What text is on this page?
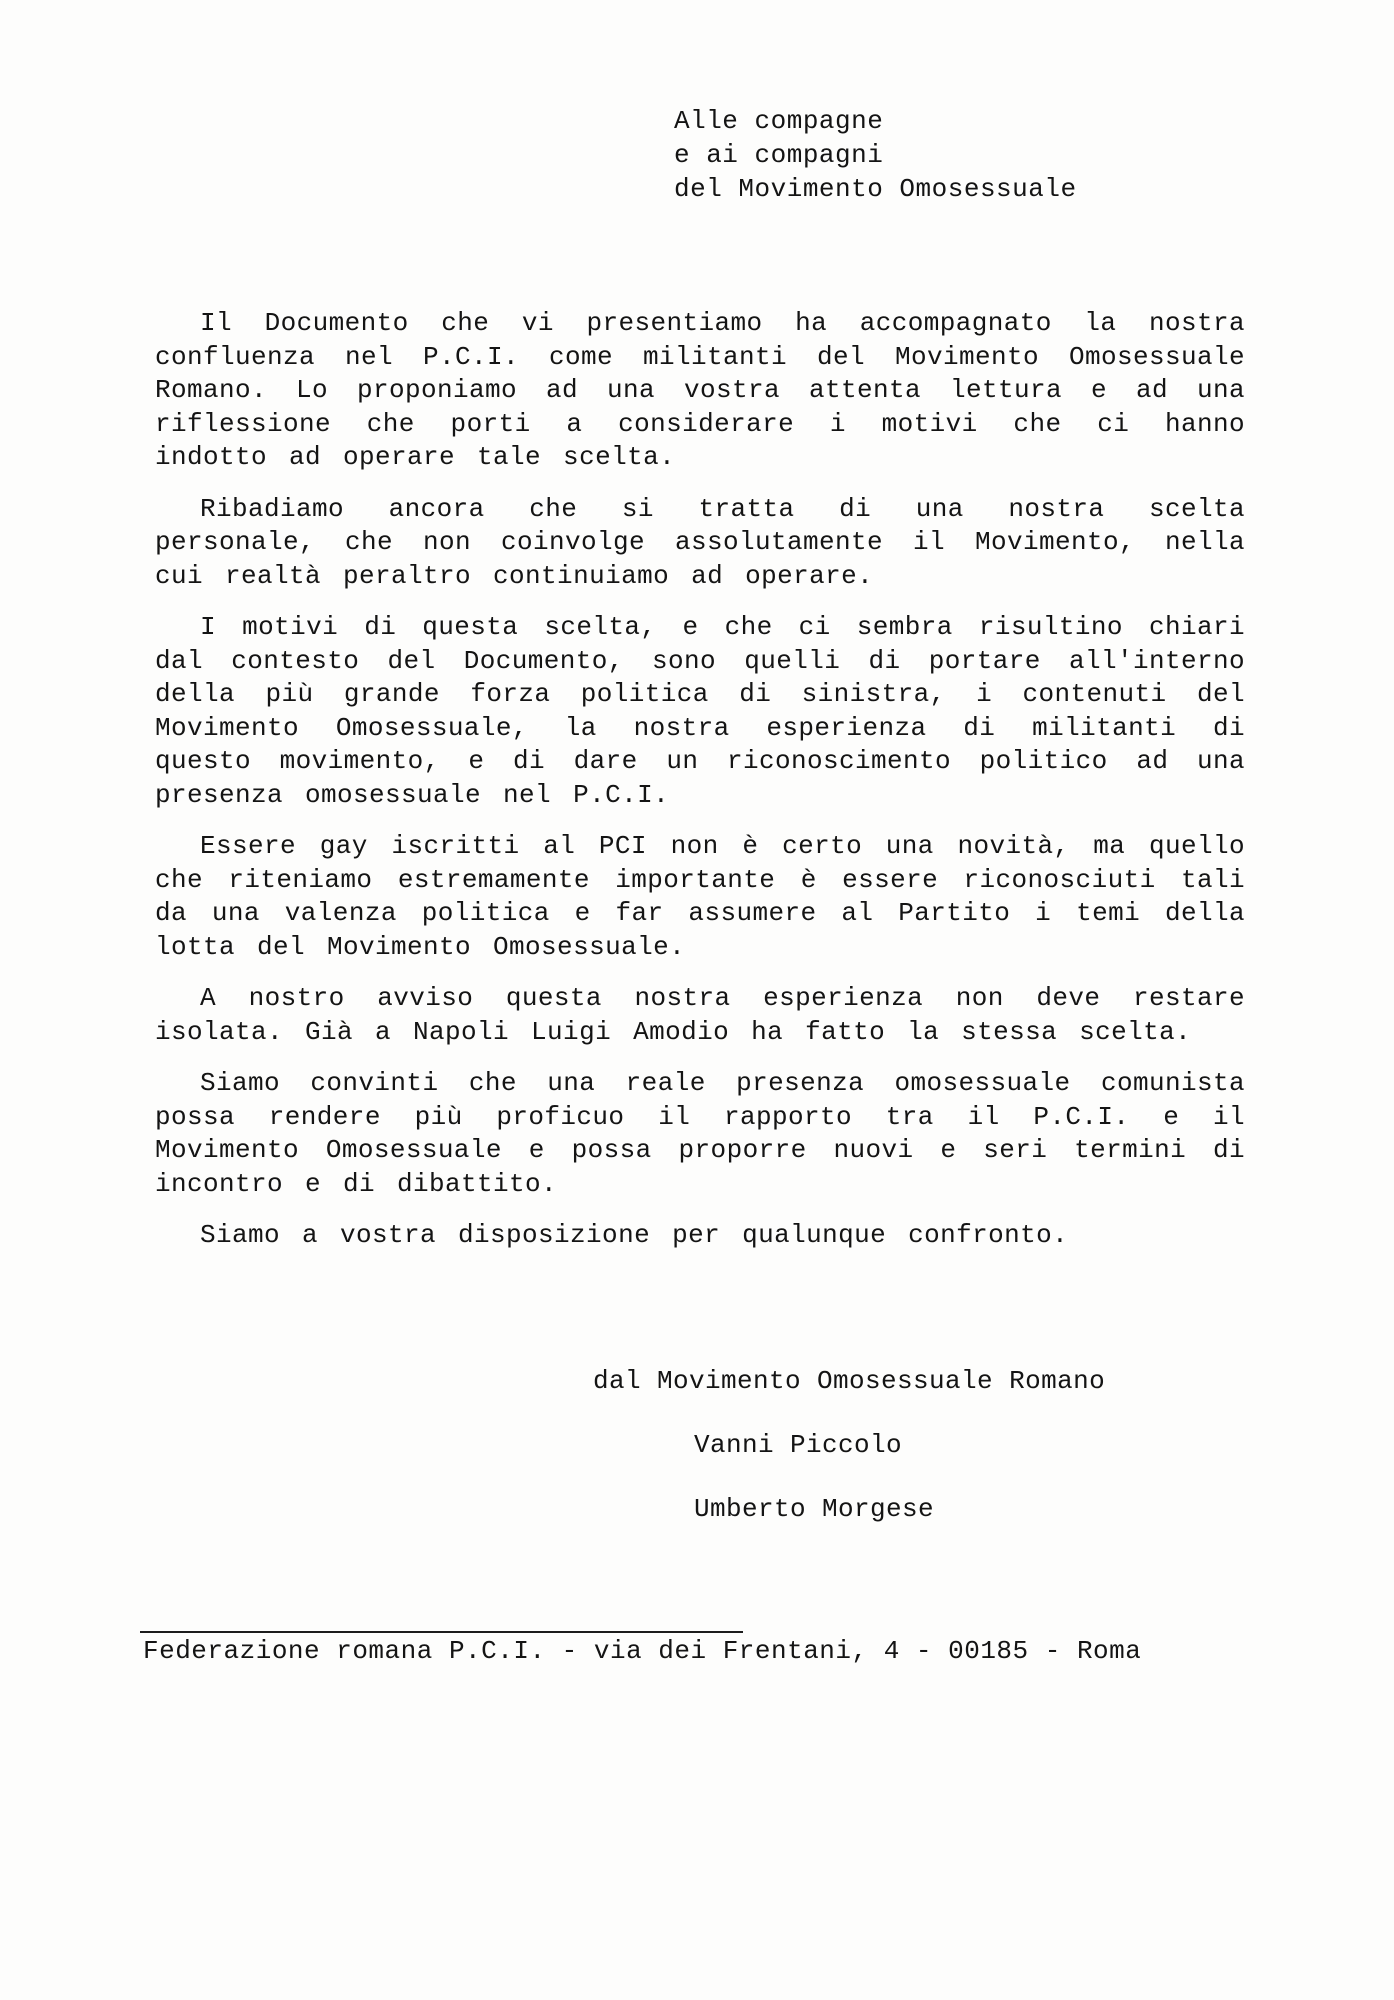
Alle compagne
e ai compagni
del Movimento Omosessuale

Il Documento che vi presentiamo ha accompagnato la nostra confluenza nel P.C.I. come militanti del Movimento Omosessuale Romano. Lo proponiamo ad una vostra attenta lettura e ad una riflessione che porti a considerare i motivi che ci hanno indotto ad operare tale scelta.

Ribadiamo ancora che si tratta di una nostra scelta personale, che non coinvolge assolutamente il Movimento, nella cui realtà peraltro continuiamo ad operare.

I motivi di questa scelta, e che ci sembra risultino chiari dal contesto del Documento, sono quelli di portare all'interno della più grande forza politica di sinistra, i contenuti del Movimento Omosessuale, la nostra esperienza di militanti di questo movimento, e di dare un riconoscimento politico ad una presenza omosessuale nel P.C.I.

Essere gay iscritti al PCI non è certo una novità, ma quello che riteniamo estremamente importante è essere riconosciuti tali da una valenza politica e far assumere al Partito i temi della lotta del Movimento Omosessuale.

A nostro avviso questa nostra esperienza non deve restare isolata. Già a Napoli Luigi Amodio ha fatto la stessa scelta.

Siamo convinti che una reale presenza omosessuale comunista possa rendere più proficuo il rapporto tra il P.C.I. e il Movimento Omosessuale e possa proporre nuovi e seri termini di incontro e di dibattito.

Siamo a vostra disposizione per qualunque confronto.

dal Movimento Omosessuale Romano
Vanni Piccolo
Umberto Morgese
Federazione romana P.C.I. - via dei Frentani, 4 - 00185 - Roma
